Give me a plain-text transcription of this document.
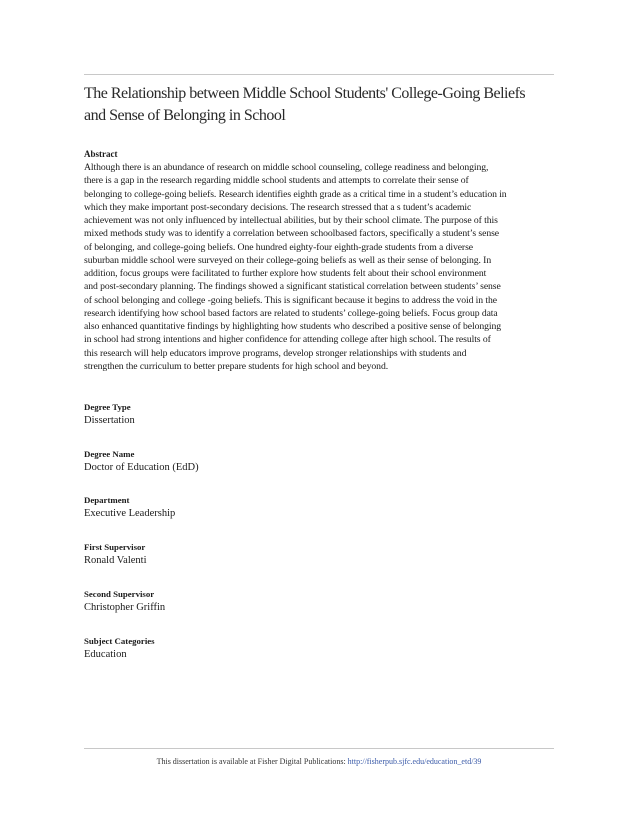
The Relationship between Middle School Students' College-Going Beliefs
and Sense of Belonging in School
Abstract
Although there is an abundance of research on middle school counseling, college readiness and belonging,
there is a gap in the research regarding middle school students and attempts to correlate their sense of
belonging to college-going beliefs. Research identifies eighth grade as a critical time in a student’s education in
which they make important post-secondary decisions. The research stressed that a s tudent’s academic
achievement was not only influenced by intellectual abilities, but by their school climate. The purpose of this
mixed methods study was to identify a correlation between schoolbased factors, specifically a student’s sense
of belonging, and college-going beliefs. One hundred eighty-four eighth-grade students from a diverse
suburban middle school were surveyed on their college-going beliefs as well as their sense of belonging. In
addition, focus groups were facilitated to further explore how students felt about their school environment
and post-secondary planning. The findings showed a significant statistical correlation between students’ sense
of school belonging and college -going beliefs. This is significant because it begins to address the void in the
research identifying how school based factors are related to students’ college-going beliefs. Focus group data
also enhanced quantitative findings by highlighting how students who described a positive sense of belonging
in school had strong intentions and higher confidence for attending college after high school. The results of
this research will help educators improve programs, develop stronger relationships with students and
strengthen the curriculum to better prepare students for high school and beyond.
Degree Type
Dissertation
Degree Name
Doctor of Education (EdD)
Department
Executive Leadership
First Supervisor
Ronald Valenti
Second Supervisor
Christopher Griffin
Subject Categories
Education
This dissertation is available at Fisher Digital Publications: http://fisherpub.sjfc.edu/education_etd/39
